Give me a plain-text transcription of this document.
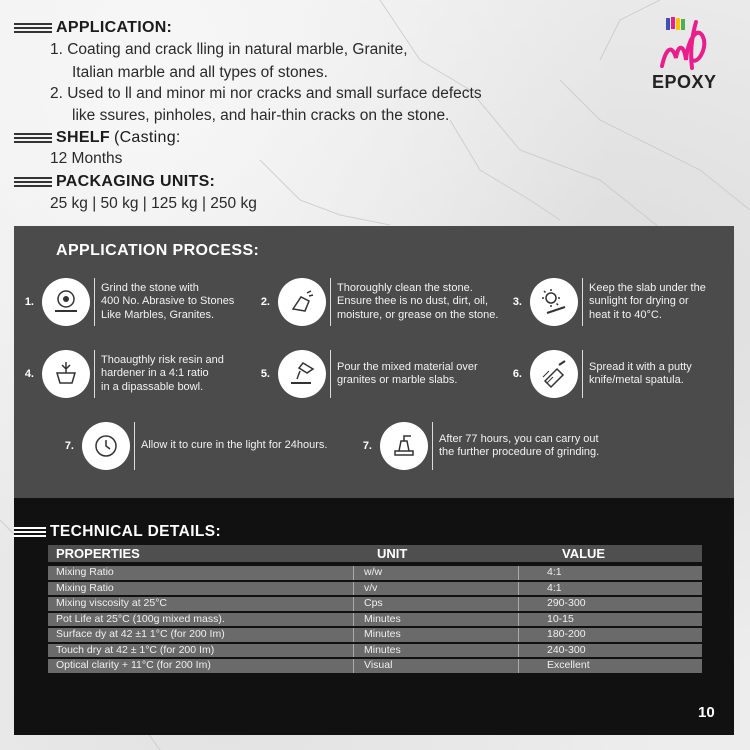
APPLICATION:
1. Coating and crack lling in natural marble, Granite,
Italian marble and all types of stones.
2. Used to ll and minor mi nor cracks and small surface defects
like ssures, pinholes, and hair-thin cracks on the stone.
SHELF (Casting:
12 Months
PACKAGING UNITS:
25 kg | 50 kg | 125 kg | 250 kg
EPOXY
APPLICATION PROCESS:
1.
Grind the stone with
400 No. Abrasive to Stones
Like Marbles, Granites.
2.
Thoroughly clean the stone.
Ensure thee is no dust, dirt, oil,
moisture, or grease on the stone.
3.
Keep the slab under the
sunlight for drying or
heat it to 40°C.
4.
Thoaugthly risk resin and
hardener in a 4:1 ratio
in a dipassable bowl.
5.
Pour the mixed material over
granites or marble slabs.	6.
Spread it with a putty
knife/metal spatula.
7.	Allow it to cure in the light for 24hours.	7.
After 77 hours, you can carry out
the further procedure of grinding.
TECHNICAL DETAILS:
PROPERTIES	UNIT	VALUE
Mixing Ratio	w/w	4:1
Mixing Ratio	v/v	4:1
Mixing viscosity at 25°C	Cps	290-300
Pot Life at 25°C (100g mixed mass).	Minutes	10-15
Surface dy at 42 ±1 1°C (for 200 Im)	Minutes	180-200
Touch dry at 42 ± 1°C (for 200 Im)	Minutes	240-300
Optical clarity + 11°C (for 200 Im)	Visual	Excellent
10
